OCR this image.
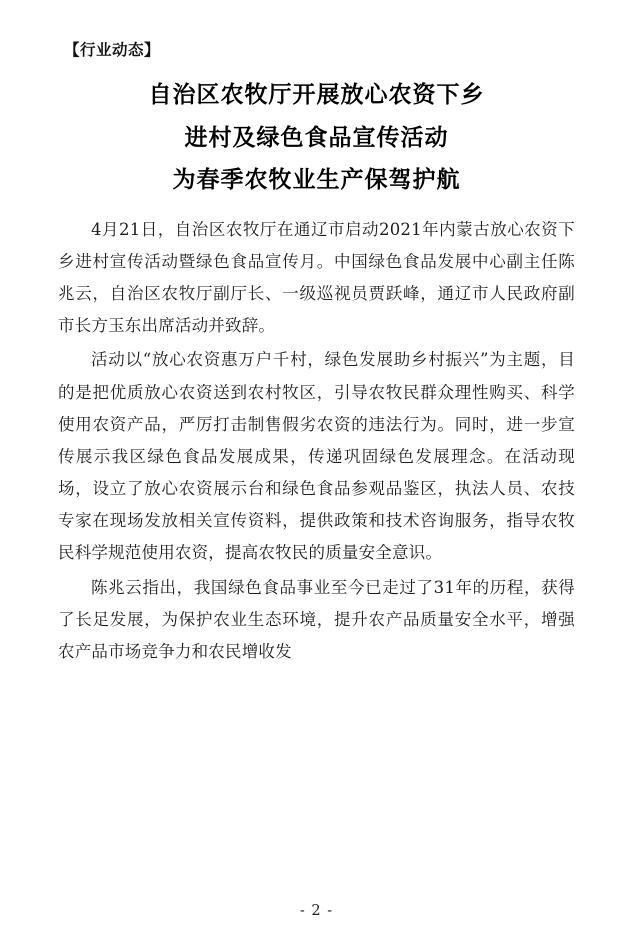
【行业动态】
自治区农牧厅开展放心农资下乡
进村及绿色食品宣传活动
为春季农牧业生产保驾护航

4月21日，自治区农牧厅在通辽市启动2021年内蒙古放心农资下乡进村宣传活动暨绿色食品宣传月。中国绿色食品发展中心副主任陈兆云，自治区农牧厅副厅长、一级巡视员贾跃峰，通辽市人民政府副市长方玉东出席活动并致辞。

活动以“放心农资惠万户千村，绿色发展助乡村振兴”为主题，目的是把优质放心农资送到农村牧区，引导农牧民群众理性购买、科学使用农资产品，严厉打击制售假劣农资的违法行为。同时，进一步宣传展示我区绿色食品发展成果，传递巩固绿色发展理念。在活动现场，设立了放心农资展示台和绿色食品参观品鉴区，执法人员、农技专家在现场发放相关宣传资料，提供政策和技术咨询服务，指导农牧民科学规范使用农资，提高农牧民的质量安全意识。

陈兆云指出，我国绿色食品事业至今已走过了31年的历程，获得了长足发展，为保护农业生态环境，提升农产品质量安全水平，增强农产品市场竞争力和农民增收发

- 2 -
